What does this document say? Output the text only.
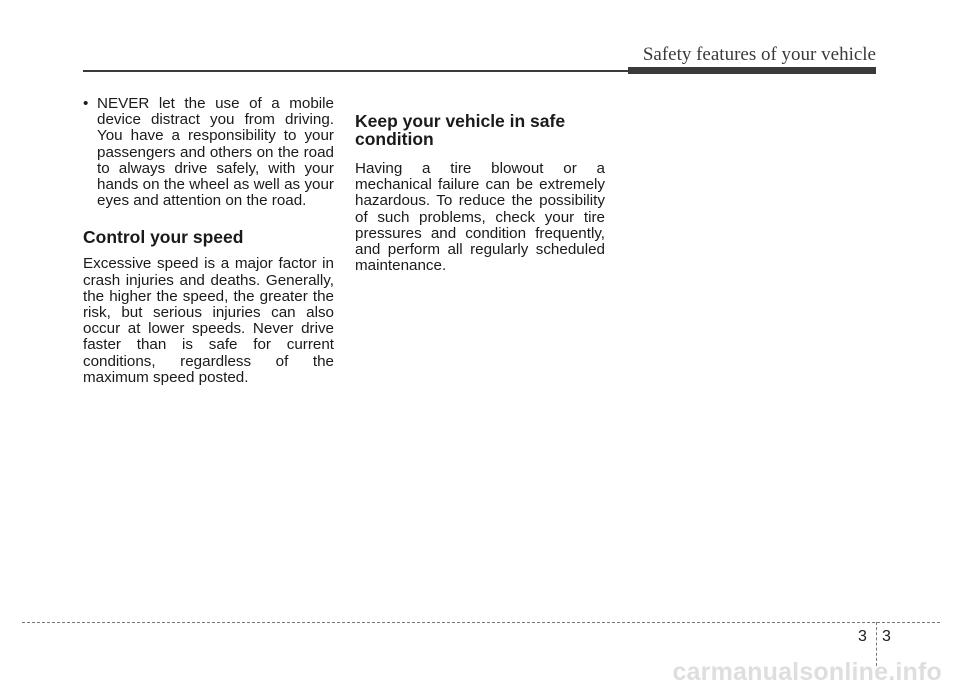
Safety features of your vehicle

• NEVER let the use of a mobile device distract you from driving. You have a responsibility to your passengers and others on the road to always drive safely, with your hands on the wheel as well as your eyes and attention on the road.

Control your speed

Excessive speed is a major factor in crash injuries and deaths. Generally, the higher the speed, the greater the risk, but serious injuries can also occur at lower speeds. Never drive faster than is safe for current conditions, regardless of the maximum speed posted.

Keep your vehicle in safe condition

Having a tire blowout or a mechanical failure can be extremely hazardous. To reduce the possibility of such problems, check your tire pressures and condition frequently, and perform all regularly scheduled maintenance.

3 3
carmanualsonline.info
